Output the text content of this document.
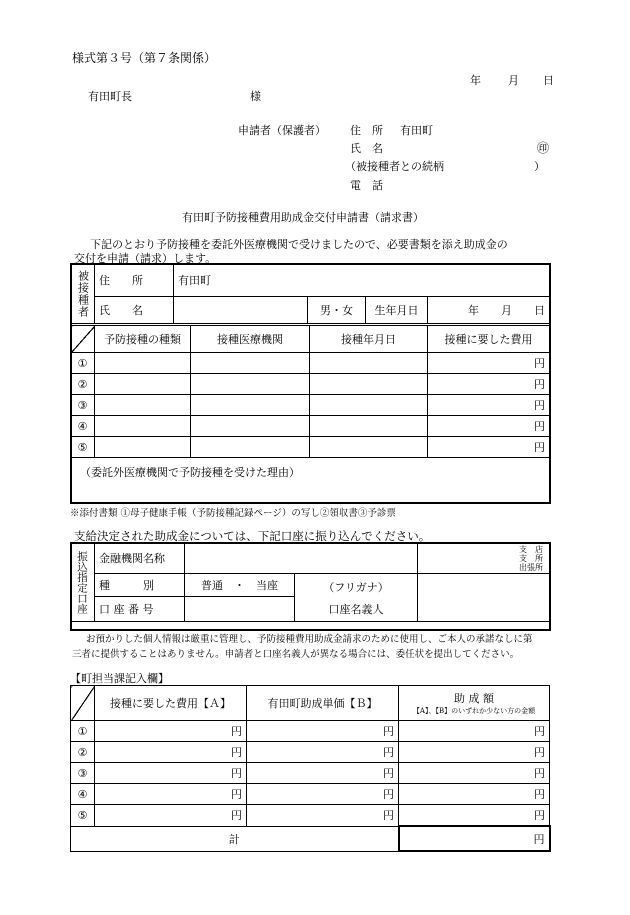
様式第３号（第７条関係）
年 月 日
有田町長	様
申請者（保護者） 住　所 有田町
氏　名	㊞
（被接種者との続柄	）
電　話
有田町予防接種費用助成金交付申請書（請求書）
下記のとおり予防接種を委託外医療機関で受けましたので、必要書類を添え助成金の
交付を申請（請求）します。
被接種者	住　　所	有田町			
	氏　　名		男・女	生年月日	年　　月　　日
	予防接種の種類	接種医療機関	接種年月日	接種に要した費用
①				円
②				円
③				円
④				円
⑤				円
（委託外医療機関で予防接種を受けた理由）
※添付書類 ①母子健康手帳（予防接種記録ページ）の写し②領収書③予診票
支給決定された助成金については、下記口座に振り込んでください。
振込指定口座	金融機関名称			支　店
支　所
出張所

	種　　　別	普通　・　当座	（フリガナ）
口座名義人	

	口 座 番 号			
お預かりした個人情報は厳重に管理し、予防接種費用助成金請求のために使用し、ご本人の承諾なしに第
三者に提供することはありません。申請者と口座名義人が異なる場合には、委任状を提出してください。
【町担当課記入欄】
	接種に要した費用【Ａ】	有田町助成単価【Ｂ】	助 成 額
【A】、【B】のいずれか少ない方の金額

①	円	円	円
②	円	円	円
③	円	円	円
④	円	円	円
⑤	円	円	円
計			円
